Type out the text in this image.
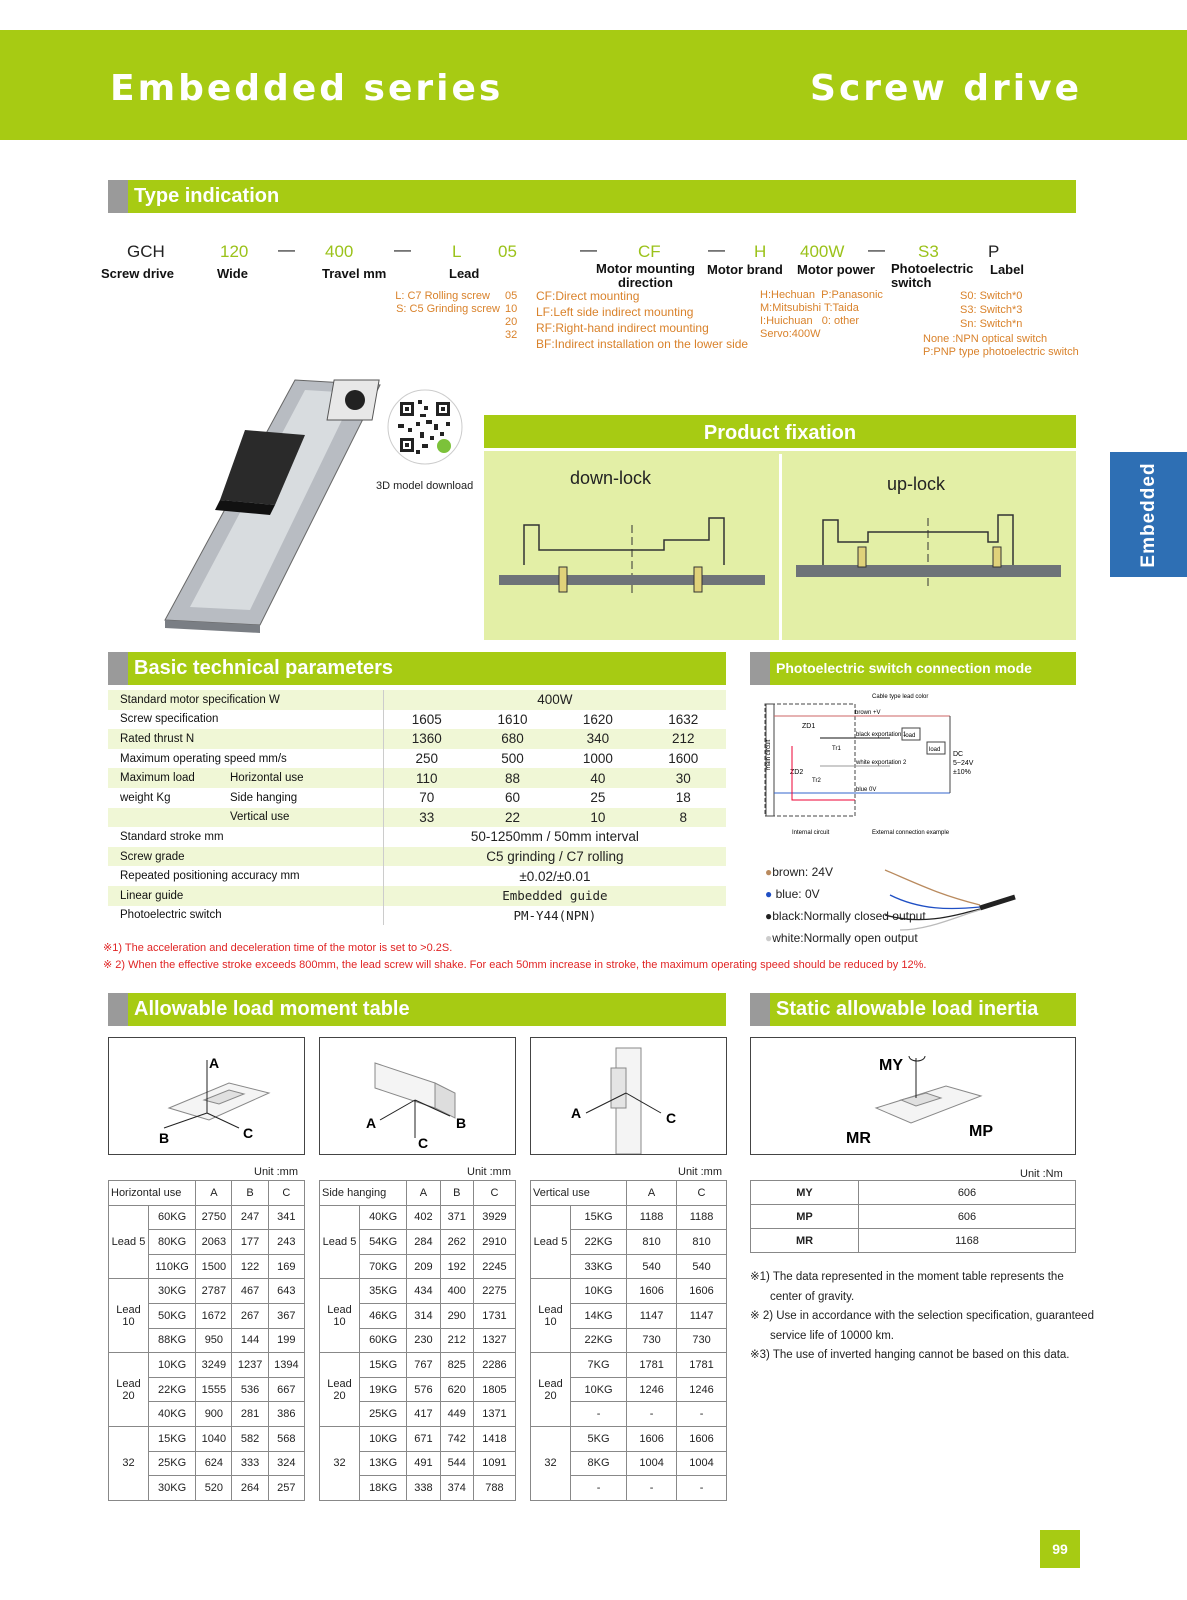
Embedded series	Screw drive
Embedded
Type indication
GCH	120 — 400 — L 05	— CF	— H 400W — S3	P
Screw drive	Wide	Travel mm	Lead	Motor mounting direction
Motor brand Motor power Photoelectric switch
Label
L: C7 Rolling screw
S: C5 Grinding screw
05
10
20
32
CF:Direct mounting
LF:Left side indirect mounting
RF:Right-hand indirect mounting
BF:Indirect installation on the lower side
H:Hechuan  P:Panasonic
M:Mitsubishi T:Taida
I:Huichuan   0: other
Servo:400W
S0: Switch*0
S3: Switch*3
Sn: Switch*n
None :NPN optical switch
P:PNP type photoelectric switch
3D model download
Product fixation
down-lock	up-lock
Basic technical parameters
Standard motor specification W		400W			
Screw specification		1605	1610	1620	1632
Rated thrust N		1360	680	340	212
Maximum operating speed mm/s		250	500	1000	1600
Maximum load	Horizontal use	110	88	40	30
weight Kg	Side hanging	70	60	25	18
	Vertical use	33	22	10	8
Standard stroke mm		50-1250mm / 50mm interval			
Screw grade		C5 grinding / C7 rolling			
Repeated positioning accuracy mm		±0.02/±0.01			
Linear guide		Embedded guide			
Photoelectric switch		PM-Y44(NPN)			
※1) The acceleration and deceleration time of the motor is set to >0.2S.
※ 2) When the effective stroke exceeds 800mm, the lead screw will shake. For each 50mm increase in stroke, the maximum operating speed should be reduced by 12%.
Photoelectric switch connection mode
main circuit
Cable type lead color
brown +V
black exportation 1
white exportation 2
blue 0V
load
load
DC
5~24V
±10%
ZD1
ZD2
Tr1
Tr2
Internal circuit	External connection example
●brown: 24V
● blue: 0V
●black:Normally closed output
●white:Normally open output
Allowable load moment table
A
B	C
A	B
C
A	C
Unit :mm	Unit :mm	Unit :mm
Horizontal use		A	B	C
Lead 5	60KG	2750	247	341
	80KG	2063	177	243
	110KG	1500	122	169
Lead 10	30KG	2787	467	643
	50KG	1672	267	367
	88KG	950	144	199
Lead 20	10KG	3249	1237	1394
	22KG	1555	536	667
	40KG	900	281	386
32	15KG	1040	582	568
	25KG	624	333	324
	30KG	520	264	257
Side hanging		A	B	C
Lead 5	40KG	402	371	3929
	54KG	284	262	2910
	70KG	209	192	2245
Lead 10	35KG	434	400	2275
	46KG	314	290	1731
	60KG	230	212	1327
Lead 20	15KG	767	825	2286
	19KG	576	620	1805
	25KG	417	449	1371
32	10KG	671	742	1418
	13KG	491	544	1091
	18KG	338	374	788
Vertical use		A	C
Lead 5	15KG	1188	1188
	22KG	810	810
	33KG	540	540
Lead 10	10KG	1606	1606
	14KG	1147	1147
	22KG	730	730
Lead 20	7KG	1781	1781
	10KG	1246	1246
	-	-	-
32	5KG	1606	1606
	8KG	1004	1004
	-	-	-
Static allowable load inertia
MY
MR	MP
Unit :Nm
MY	606
MP	606
MR	1168
※1) The data represented in the moment table represents the
center of gravity.
※ 2) Use in accordance with the selection specification, guaranteed
service life of 10000 km.
※3) The use of inverted hanging cannot be based on this data.
99
